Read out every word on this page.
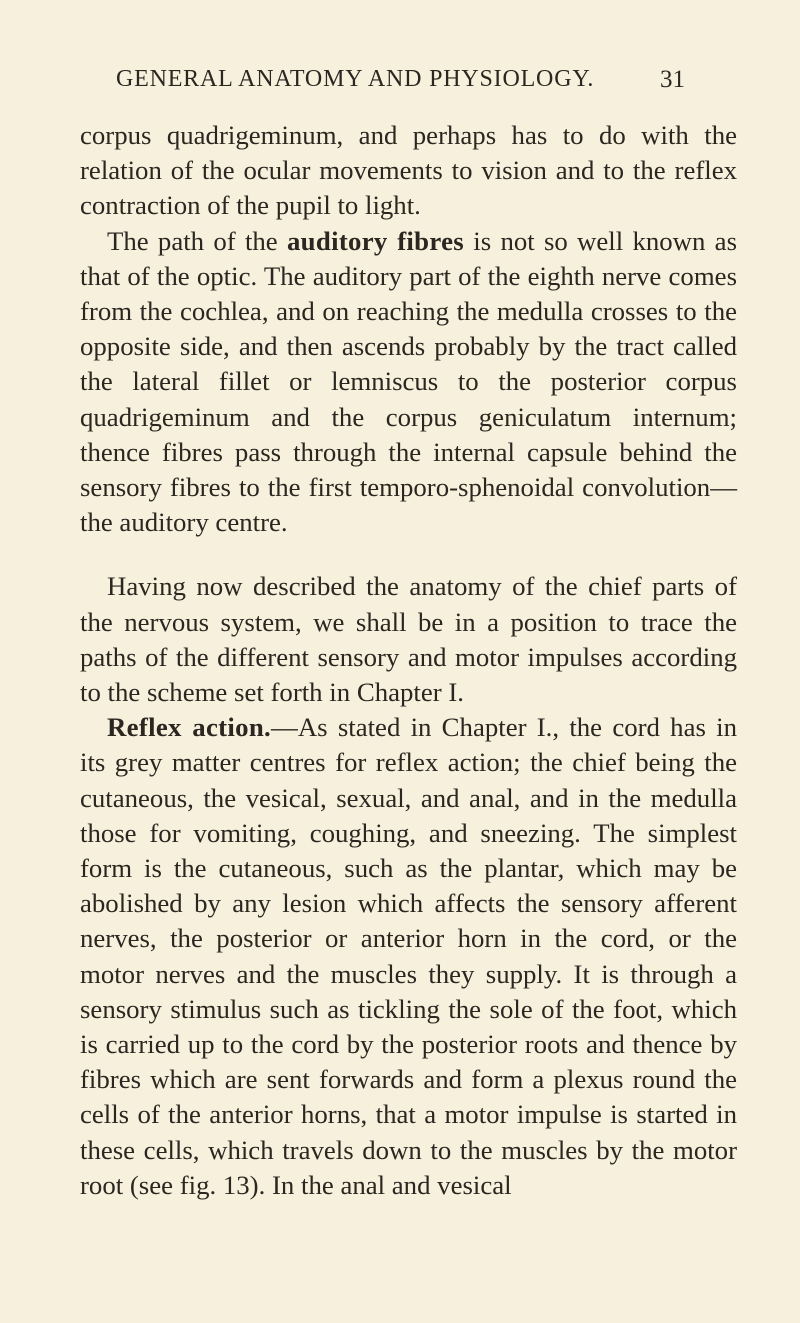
GENERAL ANATOMY AND PHYSIOLOGY.	31

corpus quadrigeminum, and perhaps has to do with the relation of the ocular movements to vision and to the reflex contraction of the pupil to light.

The path of the auditory fibres is not so well known as that of the optic. The auditory part of the eighth nerve comes from the cochlea, and on reaching the medulla crosses to the opposite side, and then ascends probably by the tract called the lateral fillet or lemniscus to the posterior corpus quadrigeminum and the corpus geniculatum internum; thence fibres pass through the internal capsule behind the sensory fibres to the first temporo-sphenoidal convolution—the auditory centre.

Having now described the anatomy of the chief parts of the nervous system, we shall be in a position to trace the paths of the different sensory and motor impulses according to the scheme set forth in Chapter I.

Reflex action.—As stated in Chapter I., the cord has in its grey matter centres for reflex action; the chief being the cutaneous, the vesical, sexual, and anal, and in the medulla those for vomiting, coughing, and sneezing. The simplest form is the cutaneous, such as the plantar, which may be abolished by any lesion which affects the sensory afferent nerves, the posterior or anterior horn in the cord, or the motor nerves and the muscles they supply. It is through a sensory stimulus such as tickling the sole of the foot, which is carried up to the cord by the posterior roots and thence by fibres which are sent forwards and form a plexus round the cells of the anterior horns, that a motor impulse is started in these cells, which travels down to the muscles by the motor root (see fig. 13). In the anal and vesical
